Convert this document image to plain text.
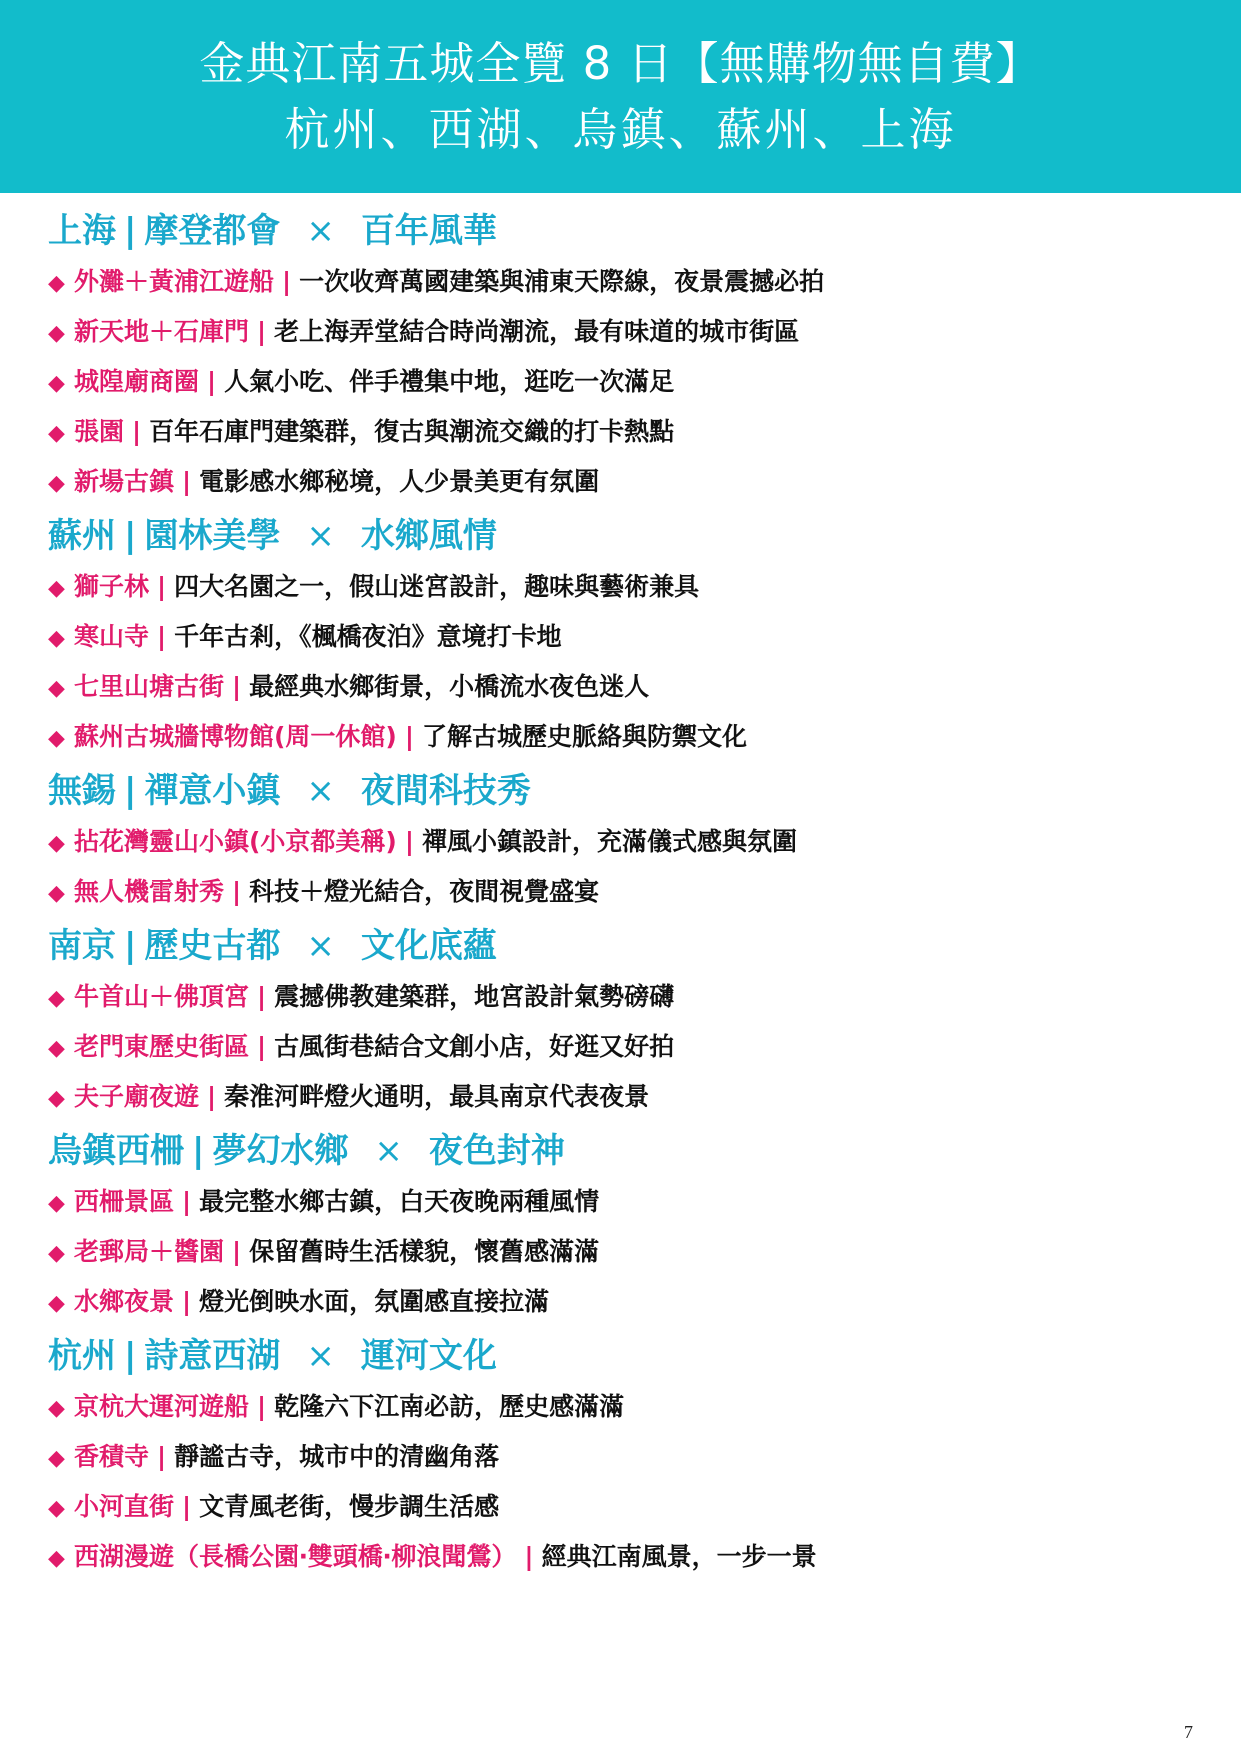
金典江南五城全覽 8 日【無購物無自費】
杭州、西湖、烏鎮、蘇州、上海
上海 | 摩登都會 × 百年風華
◆ 外灘＋黃浦江遊船 | 一次收齊萬國建築與浦東天際線，夜景震撼必拍
◆ 新天地＋石庫門 | 老上海弄堂結合時尚潮流，最有味道的城市街區
◆ 城隍廟商圈 | 人氣小吃、伴手禮集中地，逛吃一次滿足
◆ 張園 | 百年石庫門建築群，復古與潮流交織的打卡熱點
◆ 新場古鎮 | 電影感水鄉秘境，人少景美更有氛圍
蘇州 | 園林美學 × 水鄉風情
◆ 獅子林 | 四大名園之一，假山迷宮設計，趣味與藝術兼具
◆ 寒山寺 | 千年古剎，《楓橋夜泊》意境打卡地
◆ 七里山塘古街 | 最經典水鄉街景，小橋流水夜色迷人
◆ 蘇州古城牆博物館(周一休館) | 了解古城歷史脈絡與防禦文化
無錫 | 禪意小鎮 × 夜間科技秀
◆ 拈花灣靈山小鎮(小京都美稱) | 禪風小鎮設計，充滿儀式感與氛圍
◆ 無人機雷射秀 | 科技＋燈光結合，夜間視覺盛宴
南京 | 歷史古都 × 文化底蘊
◆ 牛首山＋佛頂宮 | 震撼佛教建築群，地宮設計氣勢磅礴
◆ 老門東歷史街區 | 古風街巷結合文創小店，好逛又好拍
◆ 夫子廟夜遊 | 秦淮河畔燈火通明，最具南京代表夜景
烏鎮西柵 | 夢幻水鄉 × 夜色封神
◆ 西柵景區 | 最完整水鄉古鎮，白天夜晚兩種風情
◆ 老郵局＋醬園 | 保留舊時生活樣貌，懷舊感滿滿
◆ 水鄉夜景 | 燈光倒映水面，氛圍感直接拉滿
杭州 | 詩意西湖 × 運河文化
◆ 京杭大運河遊船 | 乾隆六下江南必訪，歷史感滿滿
◆ 香積寺 | 靜謐古寺，城市中的清幽角落
◆ 小河直街 | 文青風老街，慢步調生活感
◆ 西湖漫遊（長橋公園‧雙頭橋‧柳浪聞鶯） | 經典江南風景，一步一景
7
